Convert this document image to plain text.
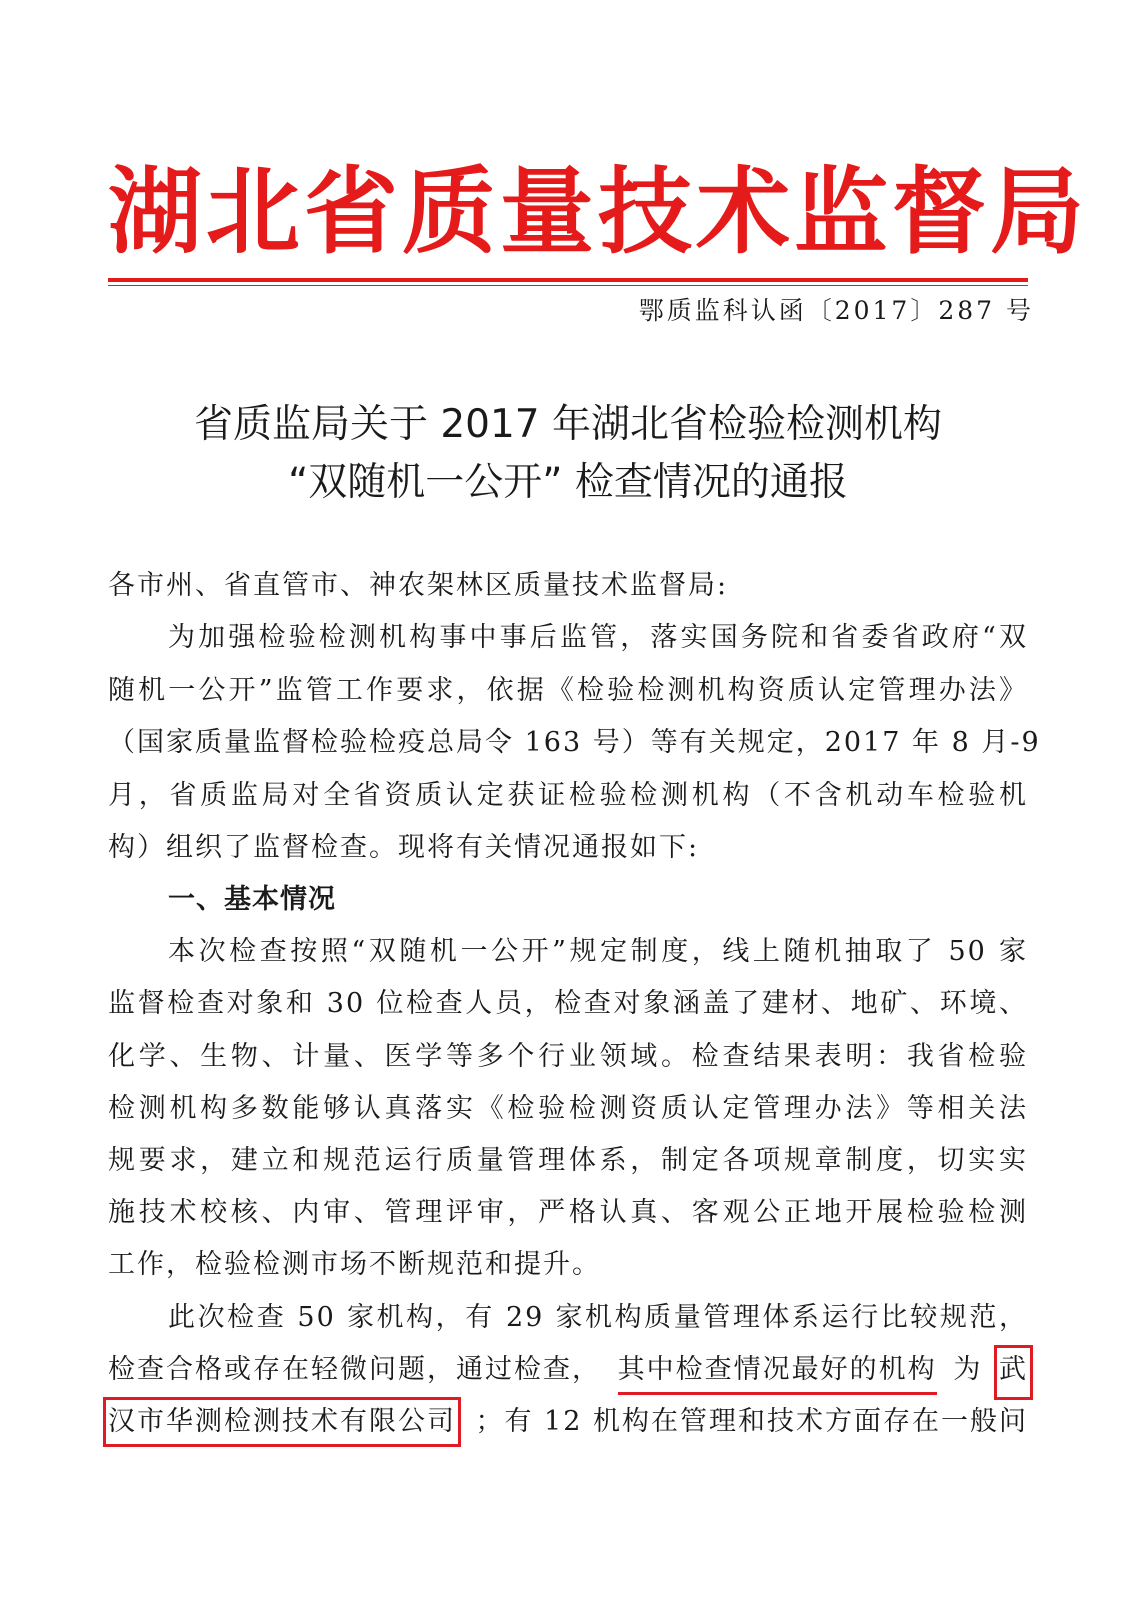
湖北省质量技术监督局
鄂质监科认函〔2017〕287 号
省质监局关于 2017 年湖北省检验检测机构
“双随机一公开” 检查情况的通报
各市州、省直管市、神农架林区质量技术监督局:
为加强检验检测机构事中事后监管，落实国务院和省委省政府“双
随机一公开”监管工作要求，依据《检验检测机构资质认定管理办法》
（国家质量监督检验检疫总局令 163 号）等有关规定，2017 年 8 月-9
月，省质监局对全省资质认定获证检验检测机构（不含机动车检验机
构）组织了监督检查。现将有关情况通报如下:
一、基本情况
本次检查按照“双随机一公开”规定制度，线上随机抽取了 50 家
监督检查对象和 30 位检查人员，检查对象涵盖了建材、地矿、环境、
化学、生物、计量、医学等多个行业领域。检查结果表明：我省检验
检测机构多数能够认真落实《检验检测资质认定管理办法》等相关法
规要求，建立和规范运行质量管理体系，制定各项规章制度，切实实
施技术校核、内审、管理评审，严格认真、客观公正地开展检验检测
工作，检验检测市场不断规范和提升。
此次检查 50 家机构，有 29 家机构质量管理体系运行比较规范，
检查合格或存在轻微问题，通过检查， 其中检查情况最好的机构 为 武
汉市华测检测技术有限公司 ；有 12 机构在管理和技术方面存在一般问
